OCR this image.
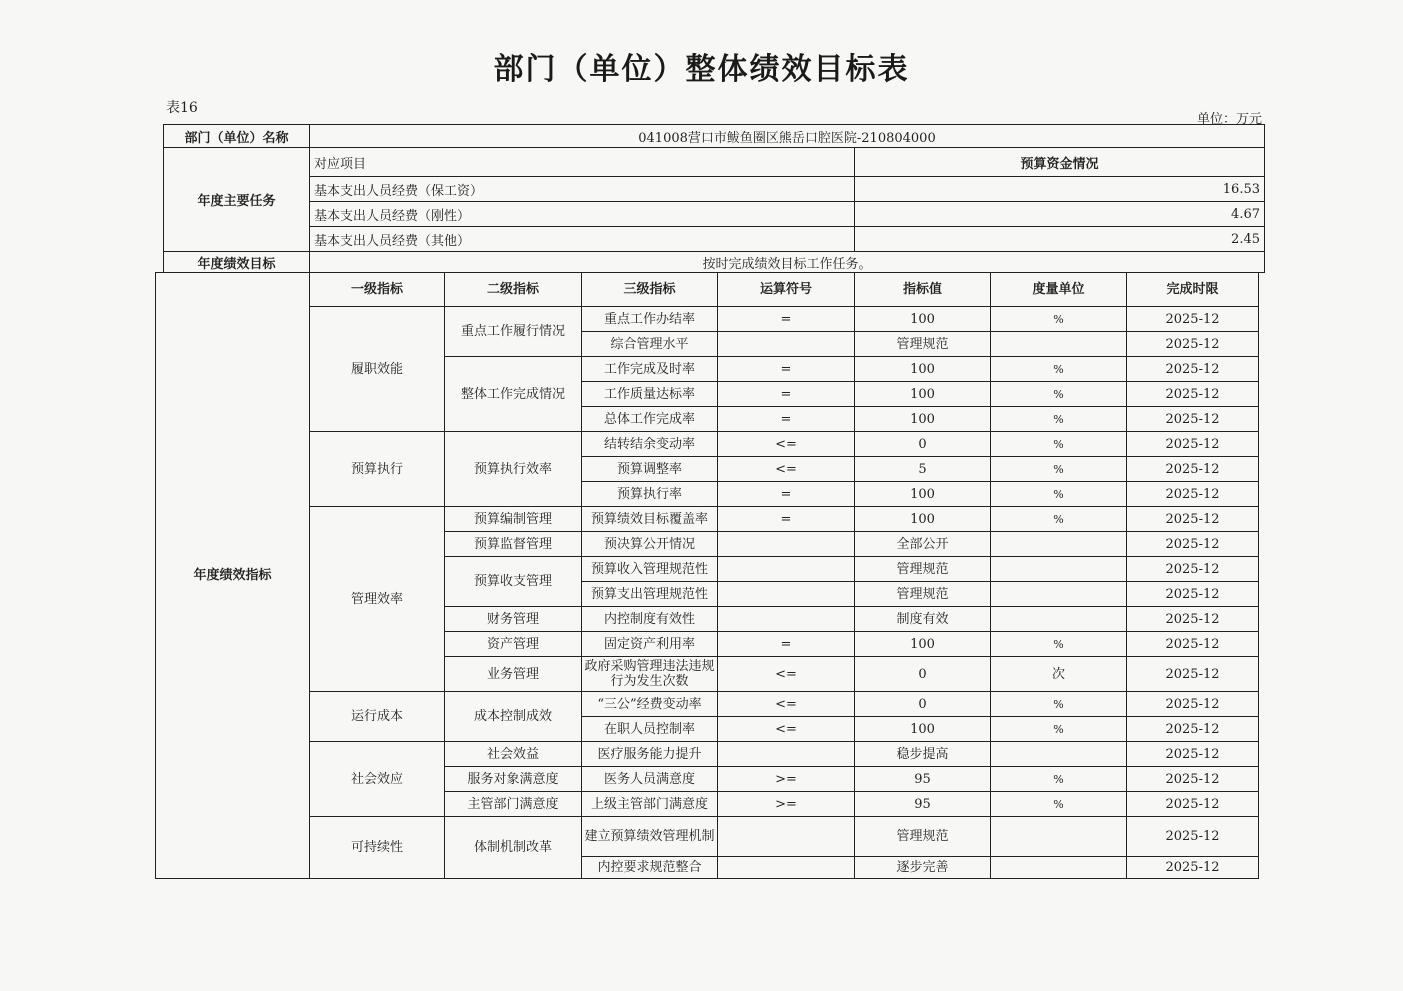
部门（单位）整体绩效目标表
表16
单位：万元
部门（单位）名称	041008营口市鲅鱼圈区熊岳口腔医院-210804000	
年度主要任务	对应项目	预算资金情况
	基本支出人员经费（保工资）	16.53
	基本支出人员经费（刚性）	4.67
	基本支出人员经费（其他）	2.45
年度绩效目标	按时完成绩效目标工作任务。	
年度绩效指标	一级指标	二级指标	三级指标	运算符号	指标值	度量单位	完成时限
	履职效能	重点工作履行情况	重点工作办结率	=	100	%	2025-12
			综合管理水平		管理规范		2025-12
		整体工作完成情况	工作完成及时率	=	100	%	2025-12
			工作质量达标率	=	100	%	2025-12
			总体工作完成率	=	100	%	2025-12
	预算执行	预算执行效率	结转结余变动率	<=	0	%	2025-12
			预算调整率	<=	5	%	2025-12
			预算执行率	=	100	%	2025-12
	管理效率	预算编制管理	预算绩效目标覆盖率	=	100	%	2025-12
		预算监督管理	预决算公开情况		全部公开		2025-12
		预算收支管理	预算收入管理规范性		管理规范		2025-12
			预算支出管理规范性		管理规范		2025-12
		财务管理	内控制度有效性		制度有效		2025-12
		资产管理	固定资产利用率	=	100	%	2025-12
		业务管理	政府采购管理违法违规行为发生次数	<=	0	次	2025-12
	运行成本	成本控制成效	“三公”经费变动率	<=	0	%	2025-12
			在职人员控制率	<=	100	%	2025-12
	社会效应	社会效益	医疗服务能力提升		稳步提高		2025-12
		服务对象满意度	医务人员满意度	>=	95	%	2025-12
		主管部门满意度	上级主管部门满意度	>=	95	%	2025-12
	可持续性	体制机制改革	建立预算绩效管理机制		管理规范		2025-12
			内控要求规范整合		逐步完善		2025-12
